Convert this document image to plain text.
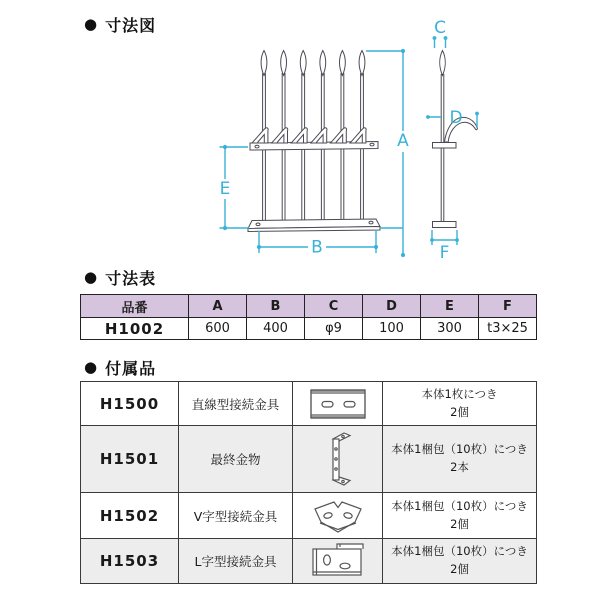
● 寸法図
A
B
C
D
E
F
● 寸法表
品番	A	B	C	D	E	F
H1002	600	400	φ9	100	300	t3×25
● 付属品
H1500	直線型接続金具		本体1枚につき
2個

H1501	最終金物		本体1梱包（10枚）につき
2本

H1502	V字型接続金具		本体1梱包（10枚）につき
2個

H1503	L字型接続金具		本体1梱包（10枚）につき
2個
